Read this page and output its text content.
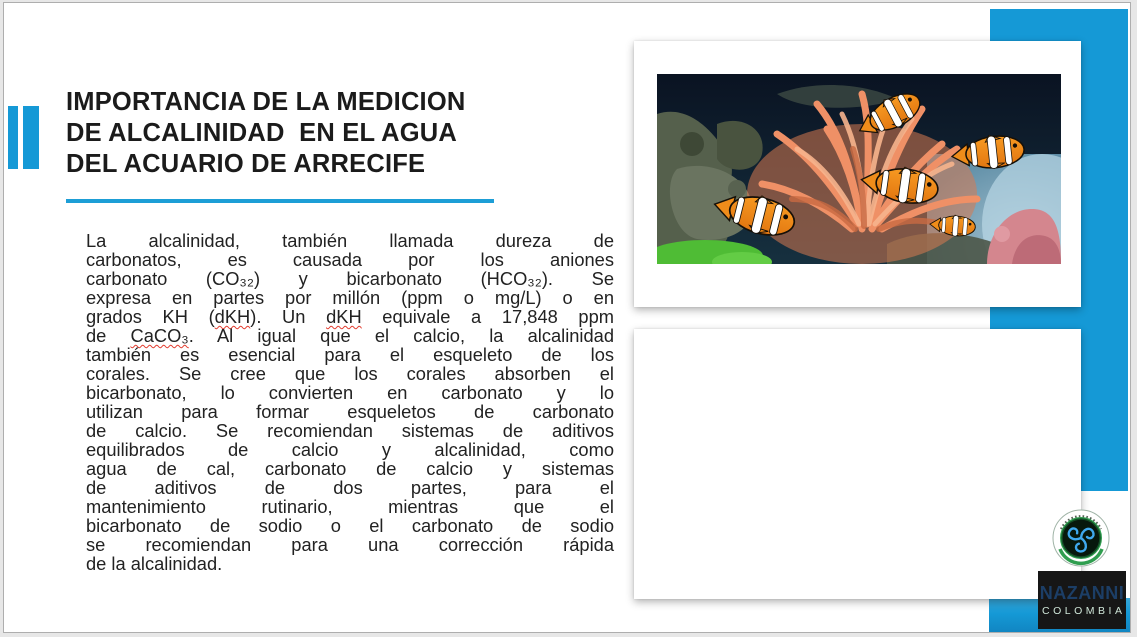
IMPORTANCIA DE LA MEDICION
DE ALCALINIDAD  EN EL AGUA
DEL ACUARIO DE ARRECIFE
La alcalinidad, también llamada dureza de
carbonatos, es causada por los aniones
carbonato (CO₃₂) y bicarbonato (HCO₃₂). Se
expresa en partes por millón (ppm o mg/L) o en
grados KH (dKH). Un dKH equivale a 17,848 ppm
de CaCO₃. Al igual que el calcio, la alcalinidad
también es esencial para el esqueleto de los
corales. Se cree que los corales absorben el
bicarbonato, lo convierten en carbonato y lo
utilizan para formar esqueletos de carbonato
de calcio. Se recomiendan sistemas de aditivos
equilibrados de calcio y alcalinidad, como
agua de cal, carbonato de calcio y sistemas
de aditivos de dos partes, para el
mantenimiento rutinario, mientras que el
bicarbonato de sodio o el carbonato de sodio
se recomiendan para una corrección rápida
de la alcalinidad.
NAZANNI
COLOMBIA
